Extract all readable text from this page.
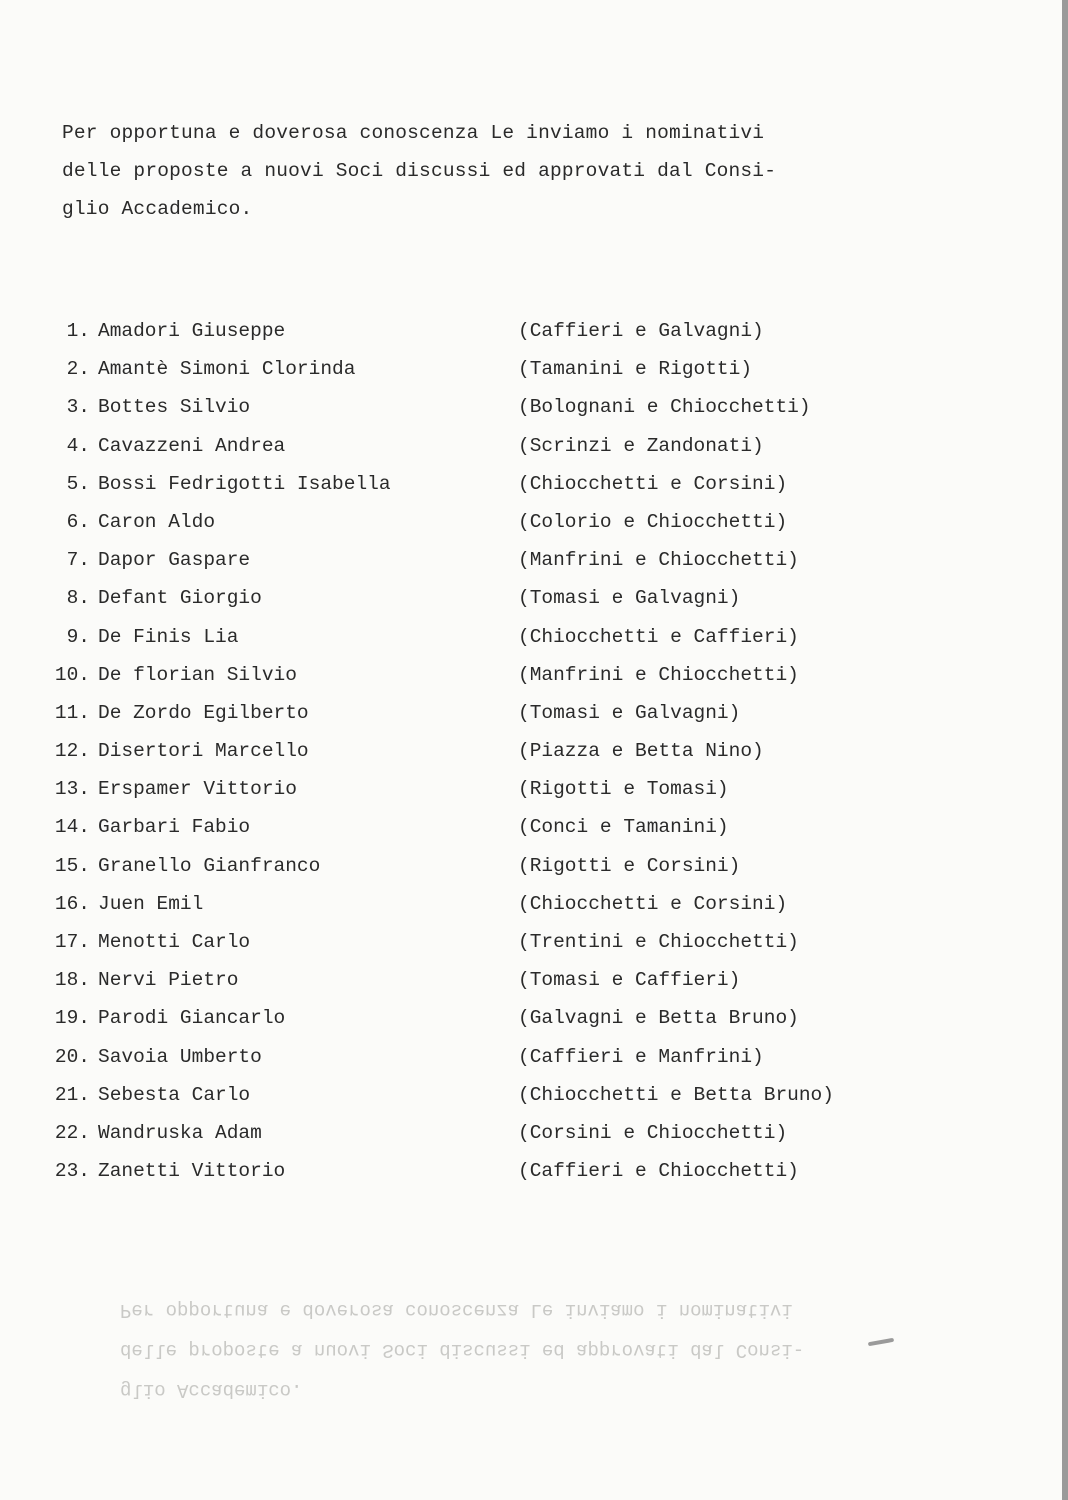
Per opportuna e doverosa conoscenza Le inviamo i nominativi
delle proposte a nuovi Soci discussi ed approvati dal Consi-
glio Accademico.
1. Amadori Giuseppe	(Caffieri e Galvagni)
2. Amantè Simoni Clorinda	(Tamanini e Rigotti)
3. Bottes Silvio	(Bolognani e Chiocchetti)
4. Cavazzeni Andrea	(Scrinzi e Zandonati)
5. Bossi Fedrigotti Isabella	(Chiocchetti e Corsini)
6. Caron Aldo	(Colorio e Chiocchetti)
7. Dapor Gaspare	(Manfrini e Chiocchetti)
8. Defant Giorgio	(Tomasi e Galvagni)
9. De Finis Lia	(Chiocchetti e Caffieri)
10. De florian Silvio	(Manfrini e Chiocchetti)
11. De Zordo Egilberto	(Tomasi e Galvagni)
12. Disertori Marcello	(Piazza e Betta Nino)
13. Erspamer Vittorio	(Rigotti e Tomasi)
14. Garbari Fabio	(Conci e Tamanini)
15. Granello Gianfranco	(Rigotti e Corsini)
16. Juen Emil	(Chiocchetti e Corsini)
17. Menotti Carlo	(Trentini e Chiocchetti)
18. Nervi Pietro	(Tomasi e Caffieri)
19. Parodi Giancarlo	(Galvagni e Betta Bruno)
20. Savoia Umberto	(Caffieri e Manfrini)
21. Sebesta Carlo	(Chiocchetti e Betta Bruno)
22. Wandruska Adam	(Corsini e Chiocchetti)
23. Zanetti Vittorio	(Caffieri e Chiocchetti)
glio Accademico.
delle proposte a nuovi Soci discussi ed approvati dal Consi-
Per opportuna e doverosa conoscenza Le inviamo i nominativi
